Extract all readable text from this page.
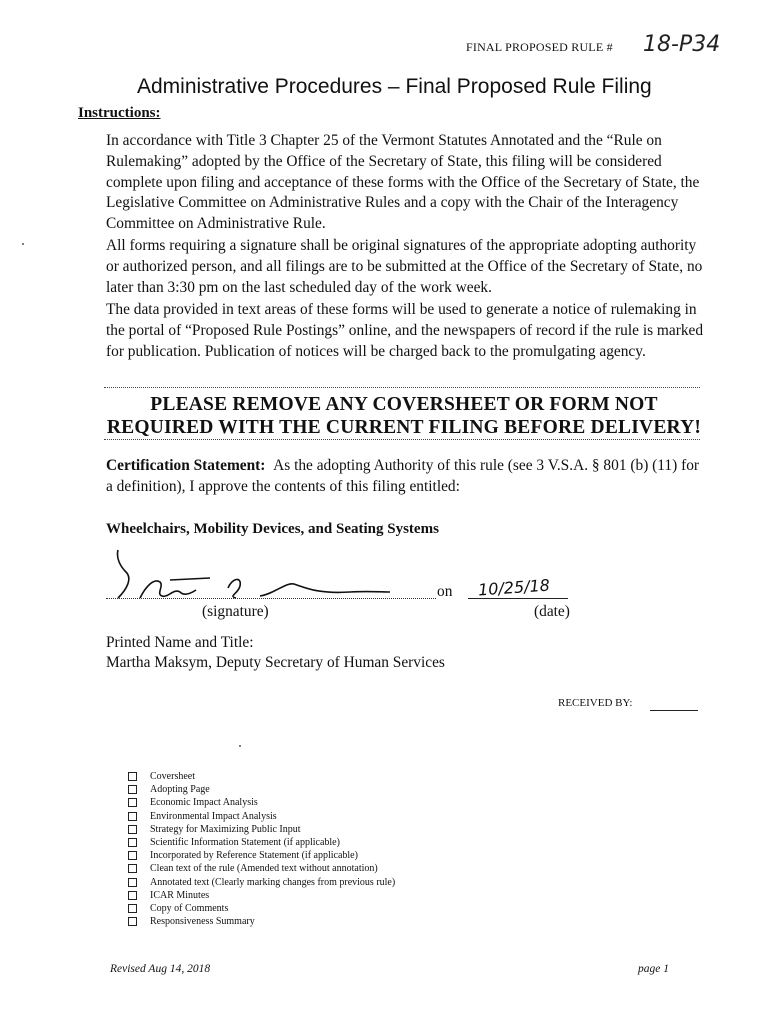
FINAL PROPOSED RULE # 18-P34
Administrative Procedures – Final Proposed Rule Filing
Instructions:
In accordance with Title 3 Chapter 25 of the Vermont Statutes Annotated and the “Rule on Rulemaking” adopted by the Office of the Secretary of State, this filing will be considered complete upon filing and acceptance of these forms with the Office of the Secretary of State, the Legislative Committee on Administrative Rules and a copy with the Chair of the Interagency Committee on Administrative Rule.
All forms requiring a signature shall be original signatures of the appropriate adopting authority or authorized person, and all filings are to be submitted at the Office of the Secretary of State, no later than 3:30 pm on the last scheduled day of the work week.
The data provided in text areas of these forms will be used to generate a notice of rulemaking in the portal of “Proposed Rule Postings” online, and the newspapers of record if the rule is marked for publication. Publication of notices will be charged back to the promulgating agency.
PLEASE REMOVE ANY COVERSHEET OR FORM NOT
REQUIRED WITH THE CURRENT FILING BEFORE DELIVERY!
Certification Statement: As the adopting Authority of this rule (see 3 V.S.A. § 801 (b) (11) for a definition), I approve the contents of this filing entitled:
Wheelchairs, Mobility Devices, and Seating Systems
on 10/25/18
(signature)	(date)
Printed Name and Title:
Martha Maksym, Deputy Secretary of Human Services
RECEIVED BY:
Coversheet
Adopting Page
Economic Impact Analysis
Environmental Impact Analysis
Strategy for Maximizing Public Input
Scientific Information Statement (if applicable)
Incorporated by Reference Statement (if applicable)
Clean text of the rule (Amended text without annotation)
Annotated text (Clearly marking changes from previous rule)
ICAR Minutes
Copy of Comments
Responsiveness Summary
Revised Aug 14, 2018	page 1
